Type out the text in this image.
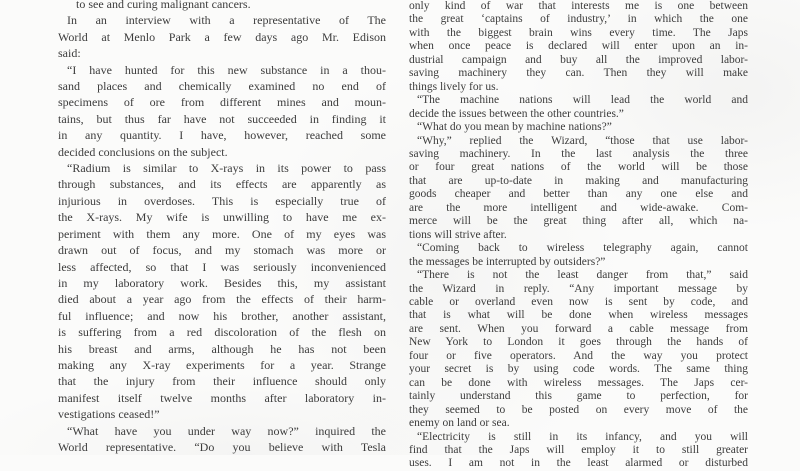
to see and curing malignant cancers.
In an interview with a representative of The
World at Menlo Park a few days ago Mr. Edison
said:
“I have hunted for this new substance in a thou-
sand places and chemically examined no end of
specimens of ore from different mines and moun-
tains, but thus far have not succeeded in finding it
in any quantity. I have, however, reached some
decided conclusions on the subject.
“Radium is similar to X-rays in its power to pass
through substances, and its effects are apparently as
injurious in overdoses. This is especially true of
the X-rays. My wife is unwilling to have me ex-
periment with them any more. One of my eyes was
drawn out of focus, and my stomach was more or
less affected, so that I was seriously inconvenienced
in my laboratory work. Besides this, my assistant
died about a year ago from the effects of their harm-
ful influence; and now his brother, another assistant,
is suffering from a red discoloration of the flesh on
his breast and arms, although he has not been
making any X-ray experiments for a year. Strange
that the injury from their influence should only
manifest itself twelve months after laboratory in-
vestigations ceased!”
“What have you under way now?” inquired the
World representative. “Do you believe with Tesla
only kind of war that interests me is one between
the great ‘captains of industry,’ in which the one
with the biggest brain wins every time. The Japs
when once peace is declared will enter upon an in-
dustrial campaign and buy all the improved labor-
saving machinery they can. Then they will make
things lively for us.
“The machine nations will lead the world and
decide the issues between the other countries.”
“What do you mean by machine nations?”
“Why,” replied the Wizard, “those that use labor-
saving machinery. In the last analysis the three
or four great nations of the world will be those
that are up-to-date in making and manufacturing
goods cheaper and better than any one else and
are the more intelligent and wide-awake. Com-
merce will be the great thing after all, which na-
tions will strive after.
“Coming back to wireless telegraphy again, cannot
the messages be interrupted by outsiders?”
“There is not the least danger from that,” said
the Wizard in reply. “Any important message by
cable or overland even now is sent by code, and
that is what will be done when wireless messages
are sent. When you forward a cable message from
New York to London it goes through the hands of
four or five operators. And the way you protect
your secret is by using code words. The same thing
can be done with wireless messages. The Japs cer-
tainly understand this game to perfection, for
they seemed to be posted on every move of the
enemy on land or sea.
“Electricity is still in its infancy, and you will
find that the Japs will employ it to still greater
uses. I am not in the least alarmed or disturbed
